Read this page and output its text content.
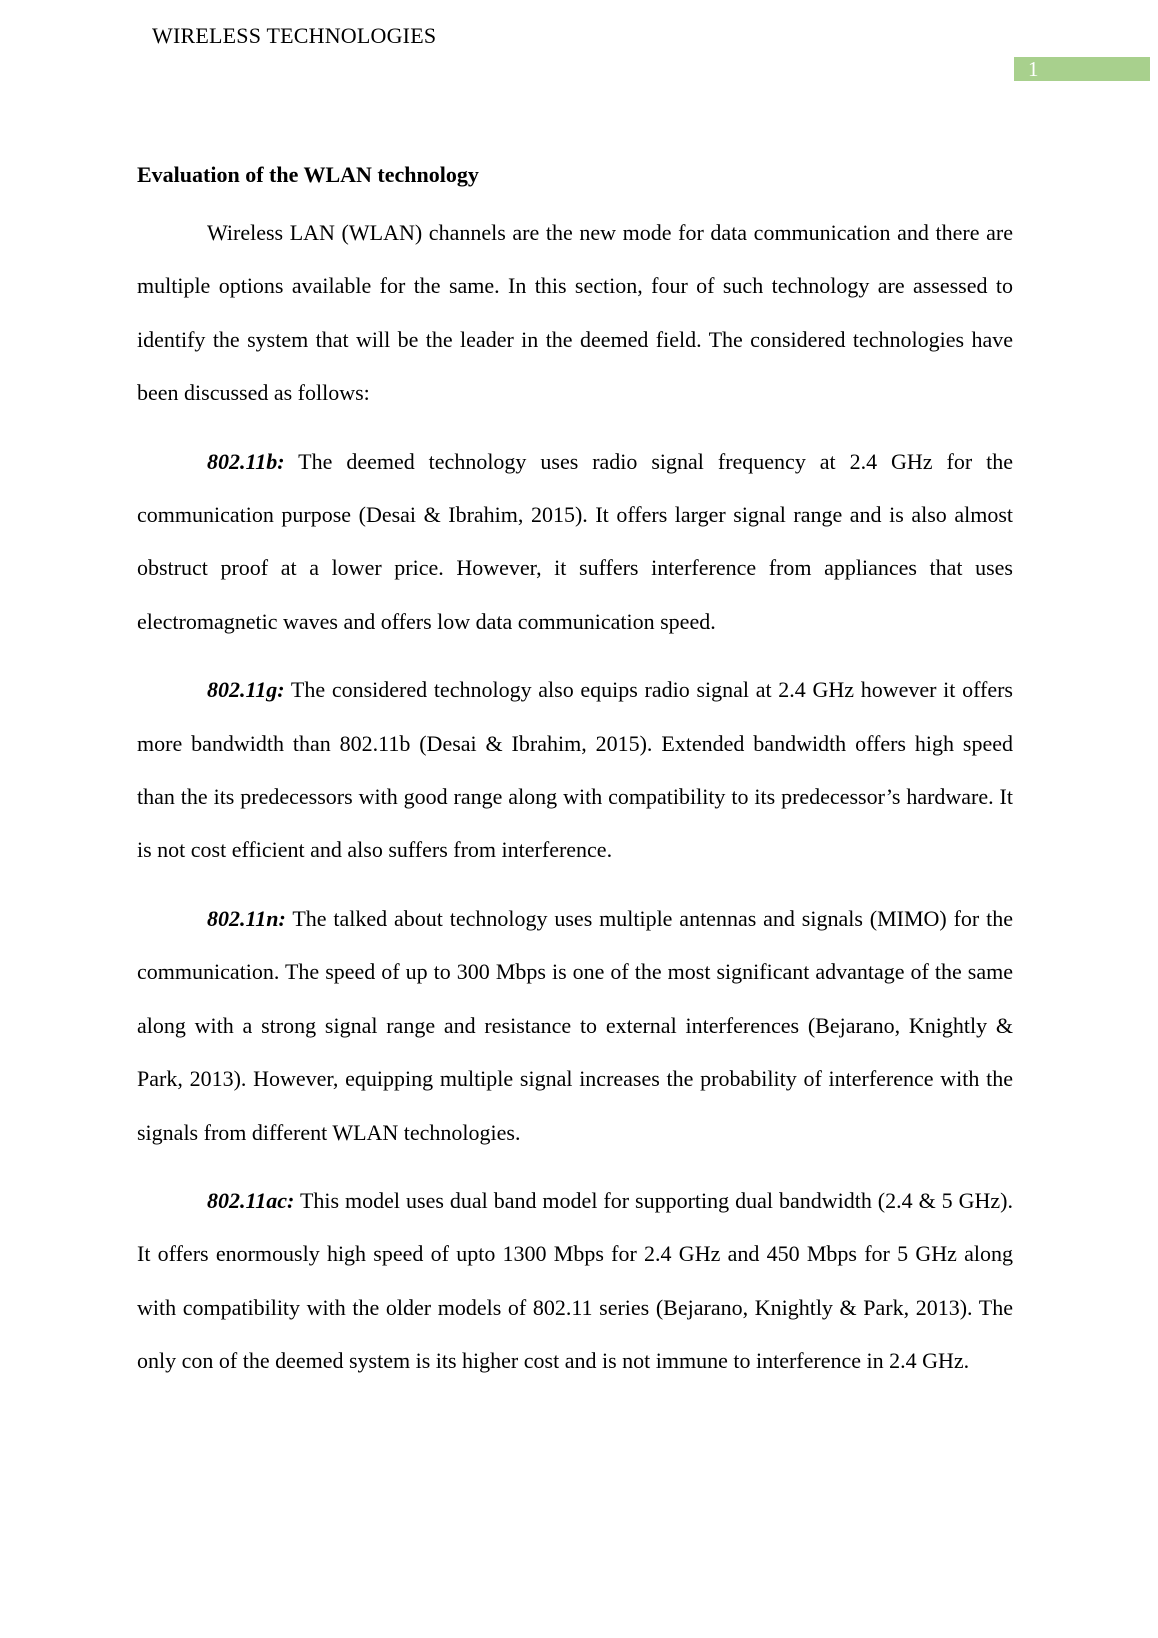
WIRELESS TECHNOLOGIES
1
Evaluation of the WLAN technology

Wireless LAN (WLAN) channels are the new mode for data communication and there are multiple options available for the same. In this section, four of such technology are assessed to identify the system that will be the leader in the deemed field. The considered technologies have been discussed as follows:

802.11b: The deemed technology uses radio signal frequency at 2.4 GHz for the communication purpose (Desai & Ibrahim, 2015). It offers larger signal range and is also almost obstruct proof at a lower price. However, it suffers interference from appliances that uses electromagnetic waves and offers low data communication speed.

802.11g: The considered technology also equips radio signal at 2.4 GHz however it offers more bandwidth than 802.11b (Desai & Ibrahim, 2015). Extended bandwidth offers high speed than the its predecessors with good range along with compatibility to its predecessor’s hardware. It is not cost efficient and also suffers from interference.

802.11n: The talked about technology uses multiple antennas and signals (MIMO) for the communication. The speed of up to 300 Mbps is one of the most significant advantage of the same along with a strong signal range and resistance to external interferences (Bejarano, Knightly & Park, 2013). However, equipping multiple signal increases the probability of interference with the signals from different WLAN technologies.

802.11ac: This model uses dual band model for supporting dual bandwidth (2.4 & 5 GHz). It offers enormously high speed of upto 1300 Mbps for 2.4 GHz and 450 Mbps for 5 GHz along with compatibility with the older models of 802.11 series (Bejarano, Knightly & Park, 2013). The only con of the deemed system is its higher cost and is not immune to interference in 2.4 GHz.
